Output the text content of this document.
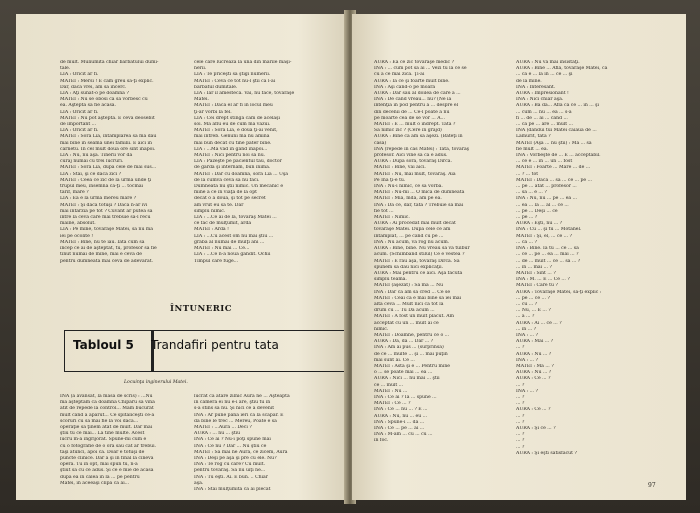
de mult. Muliumită chiar bărbatului dumi-
tale.
LIA : Oricit ar fi.
MATEI : Mersi ! E cam greu să-ţi explic.
Dar, dacă vrei, am să încerc.
LIA : Aţi sunat-o pe doamna ?
MATEI : Nu se obosi ca să vorbesc cu
ea. Aşteptă să fie acasă.
LIA : Oricit ar fi.
MATEI : Nu pot aştepta. E ceva deosebit
de important ...
LIA : Oricit ar fi.
MATEI : Soră Lia, întâmplarea să mă dau
mai bine în seama unei familii. E aici în
carnetu. În cel mult două ore sînt înapoi.
LIA : Nu, nu aşa. Tinerii vor da
curaj numai cu trei lucruri.
MATEI : Soră Lia, după cele de mai sus...
LIA : Stai, şi ce dacă zici ?
MATEI : Ceea ce zic de la urmă unde ţi
trupul meu, însemnă că-ţi ... tocmai
tarif, mare ?
LIA : Ea e la urmă mereu mare ?
MATEI : Şi dacă totuşi ? Dacă n-ar ivi
mai întârzia pe tot ? Cuvânt ar putea să
intre la ceva care mai trebuie să-l recu
mâine, absolut.
LIA : Pe mine, tovarăşe Matei, să nu mă
iei pe ocolite !
MATEI : Bine, nu te iau. Iată cum să
încep ce ai de aşteptat, tu, profesor să fie
tinut numai de mine, mai e ceva de
pentru dumneata mai ceva de adevărat.
cele care lucrează la una din marile maşi-
nerii.
LIA : Te priceşti să ştigi numerii.
MATEI : Ceva ce tot nu-l ştii că l-ai
bărbatul dumitale.
LIA : Iar îl amestecă. Vai, nu face, tovarăşe
Matei.
MATEI : Dacă el ar fi în locul meu
ţi-ar vorbi la fel.
LIA : Cei drept stingă cam de acelaşi
soi. Mă aflu eu de cum mă văzui.
MATEI : Soră Lia, e două ţi-ai venit,
măi întreb. Genuni mă nu amina
mai bun decât cu tine pater bine.
LIA : ...Mă văd în gând înapoi...
MATEI : Nici pentru noi să nu.
LIA : Păzeşte pe pacientul tău, doctor
de gardă şi internăm, bun inimă.
MATEI : Dar cu doamna, soră Lia ... Uşa
de la cumva ceva să nu faci.
Dumneata nu ştii nimic. Un mecanic e
mine a ce în viaţă de la opt
decât o a doua, şi tot pe secret
am vrut eu să te. Dar
simplu nimic.
LIA : ...Ce ai de la, tovarăş Matei ...
ce fac de mulţumit, ardă
MATEI : Ardă !
LIA : ...Cu acest om nu mai ştiu ...
grabă al numai de mulţi ani ...
MATEI : Nu mai ... Ce...
LIA : ...Ce n-a nouă gândit. Ochii
Timpul care fuge...
ÎNTUNERIC
Tabloul 5 Trandafiri pentru tata
Locuinţa inginerului Matei.
INA (a avansat, la masa de scris) : ...Nu
mă aşteptam ca doamna Chipăru să vină
atît de repede la control... Mam bucurat
mult când a apărut... Ce spitaliceşti ce-a
scoruri cu să mai fie la voi dacă...
operaţie să ţinem atât de mult. Dar mai
ştiu tu ce mai... La tine multe. Acest
lucru m-a îngrijorat. Spune-mi cum e
cu o fotografie de o oră sau cât ar trebui.
tăşi atunci, apoi ca. Doar e totuşi de
puncte clinice. Dar a şi în final la cineva
opera. Tu în opt, mai spun tu, n-a
ştiut să cu ce adus. Şi ce e mie de acasă
după ea în calea în la ... pe pentru
Matei, în aceeaşi clipă că ai...
lucrat ca atare zilnic Aura ne ... Aşteaptă
în cameră ei nu e-i are, ştiu tu în
s-a stins să nu. Şi nici ce a devenit
INA : Ar pune până ieri ca la scăpăr. E
da bine le trec ... Mereu, Poate e să
MATEI : ...Aura ... Deci ?
AURA : ... nu ... ştiu
INA : Ce ai ? Nu-i poţi spune mai
INA : Ce nu ? Dar ... Nu ştiu ce
MATEI : Să mai ne Aura, ce zicem, Aura
INA : Deşi pe aşa şi pre cu ele. Nu?
INA : Te rog cu care? Cu mult.
pentru tovarăş. Să nu uiţi ne...
INA : Tu eşti. Ai. E bun. .. Chiar
aşa.
INA : Stai mulţumită că ai plecat
AURA : Ea ce zic tovarăşe medic ?
INA : ... cum pot să ai ... Vezi tu la ce se
cu a ce mai zică. Ţi-ai
AURA : Ia ce şi foarte mult bine.
INA : Aşi când-o pe moara
AURA : Dar sau al doilea de care a ...
INA : De când vreau... nu? (Ne ia
intenţia în pod pentru a ... despre el
din decenii de ... Ce-l poate a nu
pe moarte cea de se vor ... A...
MATEI : E ... mult o îndrept. Tata ?
Sa nimic zic ? (Cere în grajd)
AURA : Bine că am să aşezi. (Bateţi în
casa)
INA (repede în cas Matei) : Tata, tovarăş
profesor. Aici vine să că e adus.
AURA : După sora, tovarăş Dircă.
MATEI : Bine, vai aici.
MATEI : Nu, mai mult, tovarăş. Aia
Pe Ina ţi-e tu.
INA : Nu-i nimic, ce să vorbă.
MATEI : Nu-mi ... O mică de dumneata
MATEI : Mia, mda, am pe ea.
INA : Da ce, dar, tata ? Trebuie să mai
fie tot ...
MATEI : Nimic.
AURA : Ai procedat mai mult decât
tovarăşe Matei. După cele ce am
întâmplat, ... pe când cu pe ...
INA : Nu acum, vă rog nu acum.
AURA : Bine, bine. Nu vreau să vă tulbur
acum. (Schimbând stilul) Ce e vestea ?
MATEI : E rău aşa, tovarăş Dircă. Să
spunem să dau nici explicaţii.
AURA : Mai pentru ce aici. Aşa făcută
simplu teamă.
MATEI (aşezat) : Să mă ... Nu
INA : Dar ca am să cred ... Ce se
MATEI : Ceai că e mai bine să iei mai
altă ceva ... Mult nici că tot la
drum cu ... Tu Da acum ...
MATEI : A fost un mult plăcut. Am
acceptat cu un ... mult ai ce
nimic.
MATEI : Doamne, pentru ce o ...
AURA : Da, da ... Dar ... ?
INA : Am ai pus ... (surprinsă)
de ce ... multe ... şi ... mai puţin
mai sunt ai. Ce ...
MATEI : Asta şi e ... Pentru mine
o ... se poate mai ... ea ...
AURA : Nici ... nu mai ... ştii
ce ... mult ...
MATEI : Nu ...
INA : Ce ai ? Ia ... spune ...
MATEI : Ce ... ?
INA : Ce ... nu ... ? E ...
AURA : Nu, nu ... eu ...
INA : Spune-i ... da ...
INA : Ce ... pe ... ai ...
INA : M-am ... cu ... cu ...
în foc.
AURA : Nu vă mai insistaţi.
AURA : Bine ... Află, tovarăşe Matei, că
... ca e ... la în ... ce ... şi
de la mine.
INA : Interesant.
AURA : Impresionant !
INA : Nici chiar aşa.
AURA : Ba da... Află că ce ... în ... şi
... cum ... nu ... ea ... s-a
fi ... de ... ai ... când ...
... ca pe ... are ... mult ...
INA (dândui tui Matei caiaua de ...
Lămurit, tată ?
MATEI (Aşa ... nu ştii) : Mă ... să
fie mult ... ea.
INA : Vorbeşte de ... E ... acceptabil.
... ce e ... în ... un ... fost
MATEI : Foarte ... Mare ... de ...
... ? ... tot
MATEI : Dacă ... să ... ce ... pe ...
... pe ... atât ... profesor ...
... sa ... e ... ?
INA : Nu, nu ... pe ... ea ...
... ea ... la ... al ... ce ...
... pe ... Deşi ... ce
... pe ... ?
AURA : Eşti, nu ... ?
INA : Cu ... şi tu ... Motănel.
MATEI : Şi, el, ... ce ... ?
... ca ... ?
INA : Bine. Ia tu ... ce ... să
... ce ... pe ... ea ... mai ... ?
... de ... mult ... ce ... să ... ?
... în ... mai ... ?
MATEI : Sînt ... ?
INA : M. ... E ... Ce ... ?
MATEI : Care tu ?
AURA : Tovarăşe Matei, să-ţi explic :
... pe ... ce ... ?
... cu ... ?
... Nu, ... E ... ?
... a ... ?
AURA : Ai ... ce ... ?
... în ... ?
INA : ... ?
AURA : Mai ... ?
... ?
AURA : Nu ... ?
INA : ... ?
MATEI : Mă ... ?
AURA : Nu ... ?
AURA : Ce ... ?
... ?
INA : ... ?
... ?
... ?
AURA : Ce ... ?
... ?
... ?
AURA : Şi ce ... ?
... ?
... ?
... ?
AURA : Şi eşti satisfăcut ?
97
